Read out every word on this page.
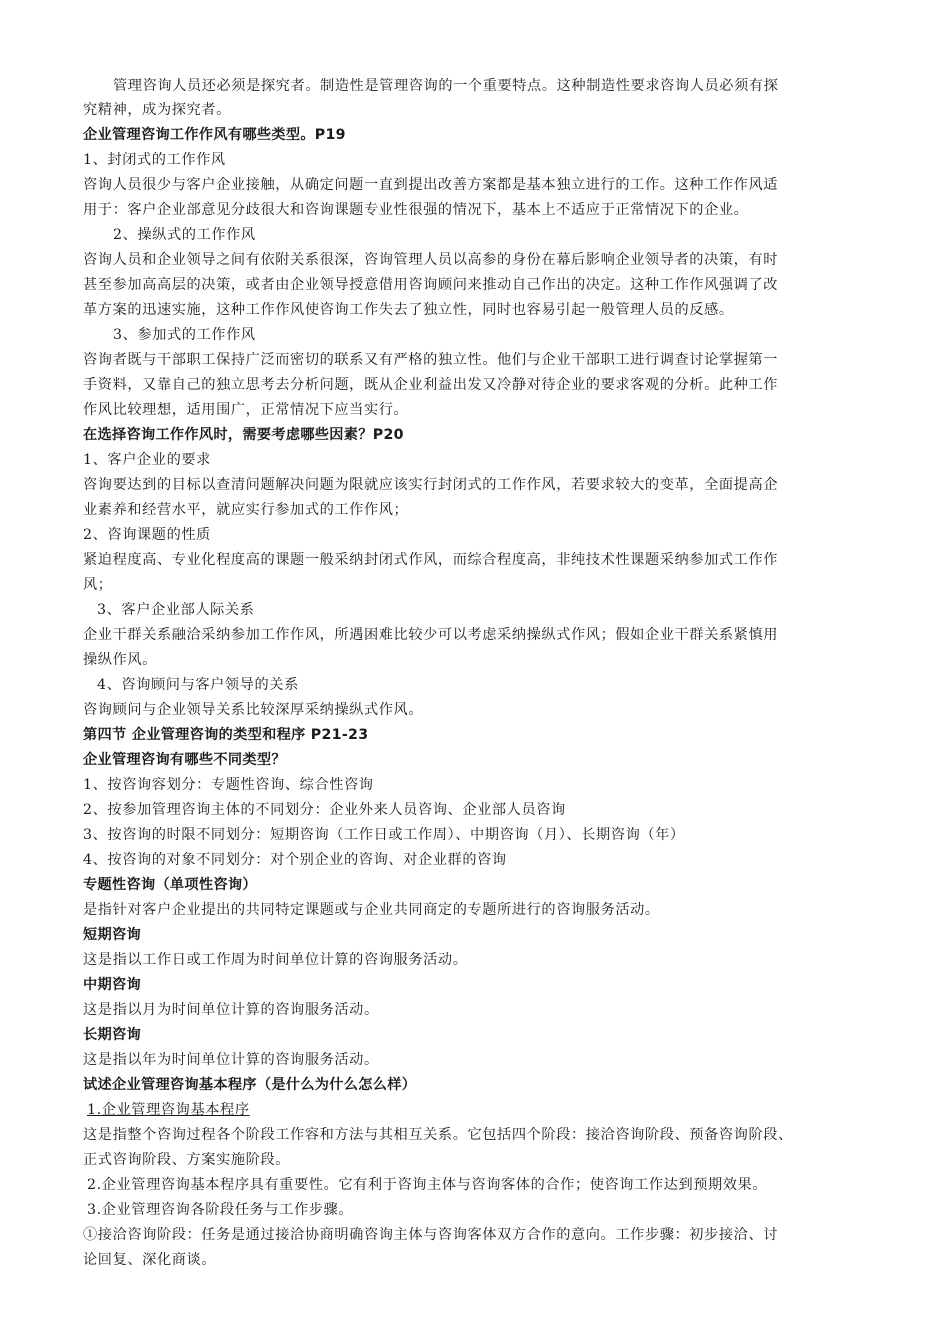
管理咨询人员还必须是探究者。制造性是管理咨询的一个重要特点。这种制造性要求咨询人员必须有探

究精神，成为探究者。

企业管理咨询工作作风有哪些类型。P19

1、封闭式的工作作风

咨询人员很少与客户企业接触，从确定问题一直到提出改善方案都是基本独立进行的工作。这种工作作风适

用于：客户企业部意见分歧很大和咨询课题专业性很强的情况下，基本上不适应于正常情况下的企业。

2、操纵式的工作作风

咨询人员和企业领导之间有依附关系很深，咨询管理人员以高参的身份在幕后影响企业领导者的决策，有时

甚至参加高高层的决策，或者由企业领导授意借用咨询顾问来推动自己作出的决定。这种工作作风强调了改

革方案的迅速实施，这种工作作风使咨询工作失去了独立性，同时也容易引起一般管理人员的反感。

3、参加式的工作作风

咨询者既与干部职工保持广泛而密切的联系又有严格的独立性。他们与企业干部职工进行调查讨论掌握第一

手资料，又靠自己的独立思考去分析问题，既从企业利益出发又冷静对待企业的要求客观的分析。此种工作

作风比较理想，适用围广，正常情况下应当实行。

在选择咨询工作作风时，需要考虑哪些因素？P20

1、客户企业的要求

咨询要达到的目标以查清问题解决问题为限就应该实行封闭式的工作作风，若要求较大的变革，全面提高企

业素养和经营水平，就应实行参加式的工作作风；

2、咨询课题的性质

紧迫程度高、专业化程度高的课题一般采纳封闭式作风，而综合程度高，非纯技术性课题采纳参加式工作作

风；

3、客户企业部人际关系

企业干群关系融洽采纳参加工作作风，所遇困难比较少可以考虑采纳操纵式作风；假如企业干群关系紧慎用

操纵作风。

4、咨询顾问与客户领导的关系

咨询顾问与企业领导关系比较深厚采纳操纵式作风。

第四节 企业管理咨询的类型和程序 P21-23

企业管理咨询有哪些不同类型？

1、按咨询容划分：专题性咨询、综合性咨询

2、按参加管理咨询主体的不同划分：企业外来人员咨询、企业部人员咨询

3、按咨询的时限不同划分：短期咨询（工作日或工作周）、中期咨询（月）、长期咨询（年）

4、按咨询的对象不同划分：对个别企业的咨询、对企业群的咨询

专题性咨询（单项性咨询）

是指针对客户企业提出的共同特定课题或与企业共同商定的专题所进行的咨询服务活动。

短期咨询

这是指以工作日或工作周为时间单位计算的咨询服务活动。

中期咨询

这是指以月为时间单位计算的咨询服务活动。

长期咨询

这是指以年为时间单位计算的咨询服务活动。

试述企业管理咨询基本程序（是什么为什么怎么样）

1.企业管理咨询基本程序

这是指整个咨询过程各个阶段工作容和方法与其相互关系。它包括四个阶段：接洽咨询阶段、预备咨询阶段、

正式咨询阶段、方案实施阶段。

2.企业管理咨询基本程序具有重要性。它有利于咨询主体与咨询客体的合作；使咨询工作达到预期效果。

3.企业管理咨询各阶段任务与工作步骤。

①接洽咨询阶段：任务是通过接洽协商明确咨询主体与咨询客体双方合作的意向。工作步骤：初步接洽、讨

论回复、深化商谈。
